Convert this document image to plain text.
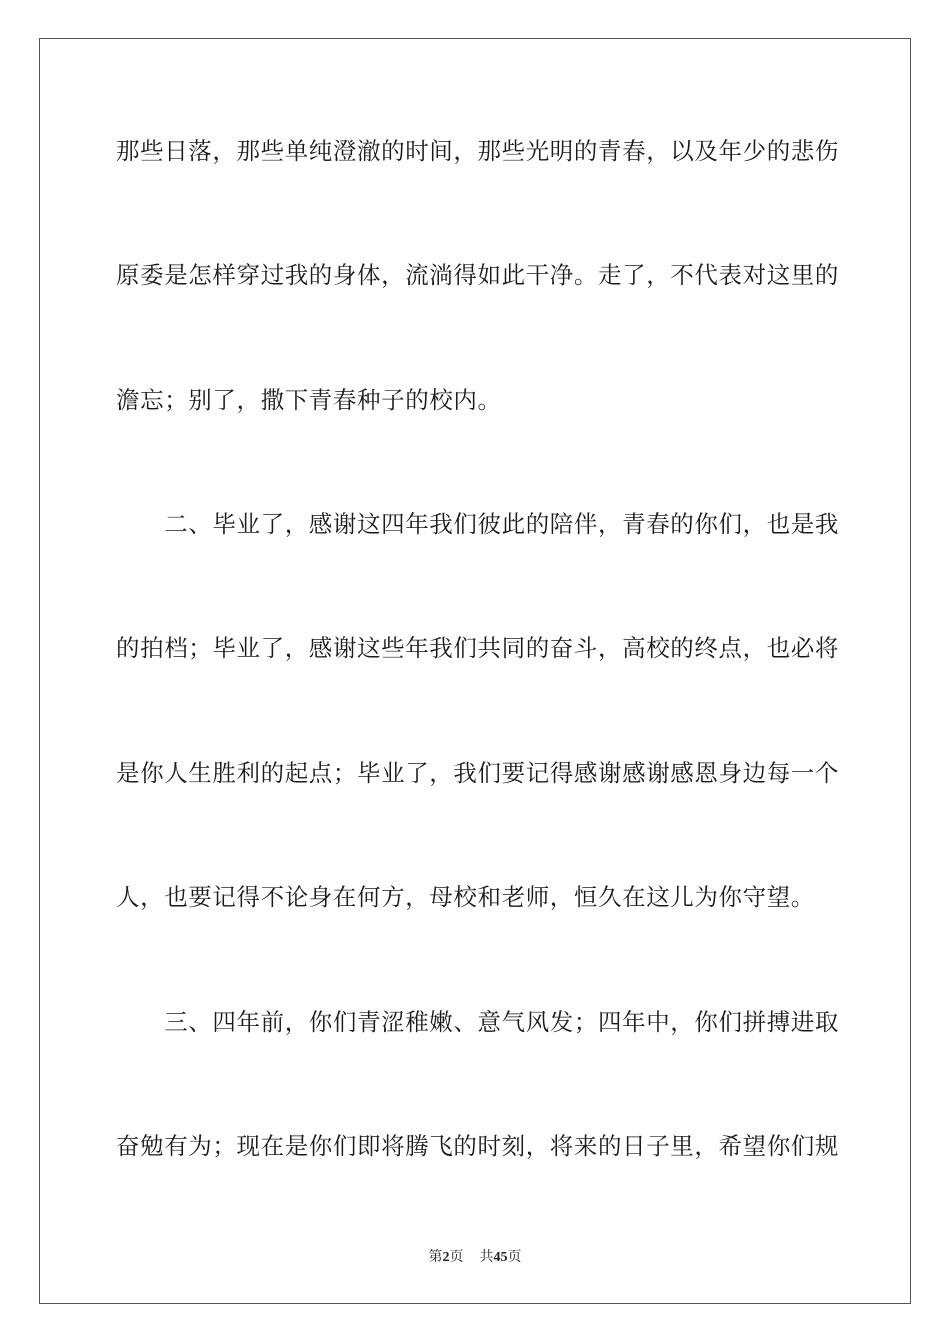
那些日落，那些单纯澄澈的时间，那些光明的青春，以及年少的悲伤
原委是怎样穿过我的身体，流淌得如此干净。走了，不代表对这里的
澹忘；别了，撒下青春种子的校内。
　　二、毕业了，感谢这四年我们彼此的陪伴，青春的你们，也是我
的拍档；毕业了，感谢这些年我们共同的奋斗，高校的终点，也必将
是你人生胜利的起点；毕业了，我们要记得感谢感谢感恩身边每一个
人，也要记得不论身在何方，母校和老师，恒久在这儿为你守望。
　　三、四年前，你们青涩稚嫩、意气风发；四年中，你们拼搏进取
奋勉有为；现在是你们即将腾飞的时刻，将来的日子里，希望你们规
第2页 共45页
